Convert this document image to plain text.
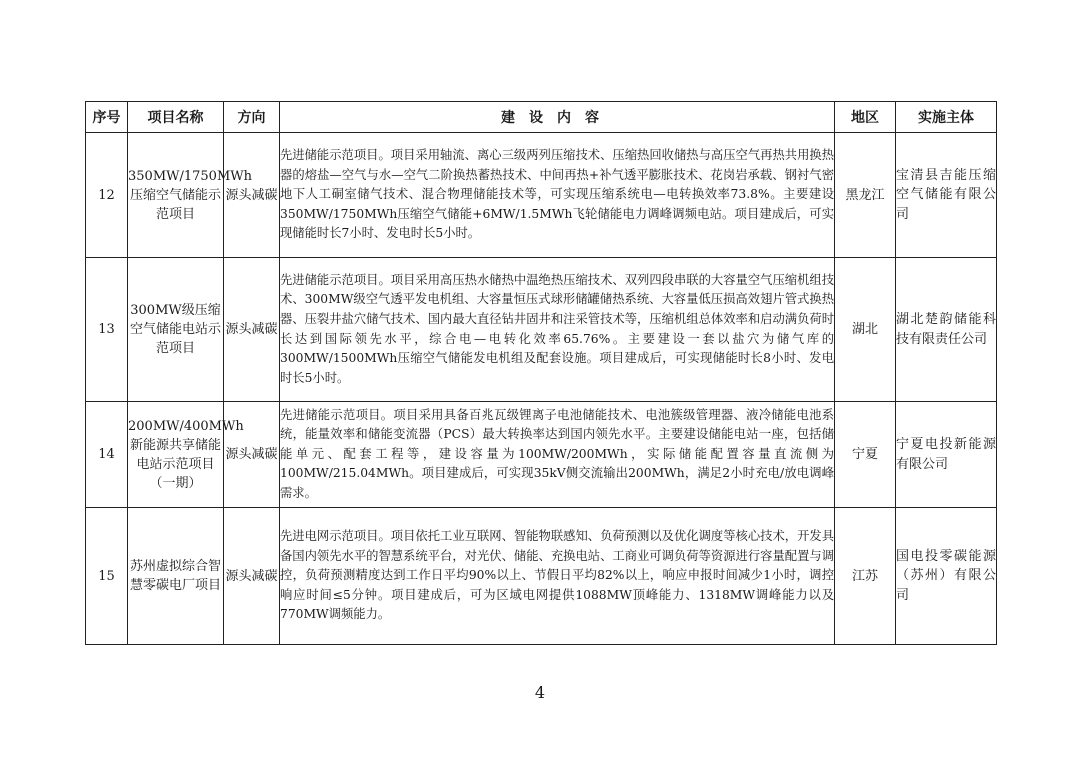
序号	项目名称	方向	建设内容	地区	实施主体
12	350MW/1750MWh压缩空气储能示范项目	源头减碳	先进储能示范项目。项目采用轴流、离心三级两列压缩技术、压缩热回收储热与高压空气再热共用换热器的熔盐—空气与水—空气二阶换热蓄热技术、中间再热+补气透平膨胀技术、花岗岩承载、钢衬气密地下人工硐室储气技术、混合物理储能技术等，可实现压缩系统电—电转换效率73.8%。主要建设350MW/1750MWh压缩空气储能+6MW/1.5MWh飞轮储能电力调峰调频电站。项目建成后，可实现储能时长7小时、发电时长5小时。	黑龙江	宝清县吉能压缩空气储能有限公司
13	300MW级压缩空气储能电站示范项目	源头减碳	先进储能示范项目。项目采用高压热水储热中温绝热压缩技术、双列四段串联的大容量空气压缩机组技术、300MW级空气透平发电机组、大容量恒压式球形储罐储热系统、大容量低压损高效翅片管式换热器、压裂井盐穴储气技术、国内最大直径钻井固井和注采管技术等，压缩机组总体效率和启动满负荷时长达到国际领先水平，综合电—电转化效率65.76%。主要建设一套以盐穴为储气库的300MW/1500MWh压缩空气储能发电机组及配套设施。项目建成后，可实现储能时长8小时、发电时长5小时。	湖北	湖北楚韵储能科技有限责任公司
14	200MW/400MWh新能源共享储能电站示范项目（一期）	源头减碳	先进储能示范项目。项目采用具备百兆瓦级锂离子电池储能技术、电池簇级管理器、液冷储能电池系统，能量效率和储能变流器（PCS）最大转换率达到国内领先水平。主要建设储能电站一座，包括储能单元、配套工程等，建设容量为100MW/200MWh，实际储能配置容量直流侧为100MW/215.04MWh。项目建成后，可实现35kV侧交流输出200MWh，满足2小时充电/放电调峰需求。	宁夏	宁夏电投新能源有限公司
15	苏州虚拟综合智慧零碳电厂项目	源头减碳	先进电网示范项目。项目依托工业互联网、智能物联感知、负荷预测以及优化调度等核心技术，开发具备国内领先水平的智慧系统平台，对光伏、储能、充换电站、工商业可调负荷等资源进行容量配置与调控，负荷预测精度达到工作日平均90%以上、节假日平均82%以上，响应申报时间减少1小时，调控响应时间≤5分钟。项目建成后，可为区域电网提供1088MW顶峰能力、1318MW调峰能力以及770MW调频能力。	江苏	国电投零碳能源（苏州）有限公司
4
